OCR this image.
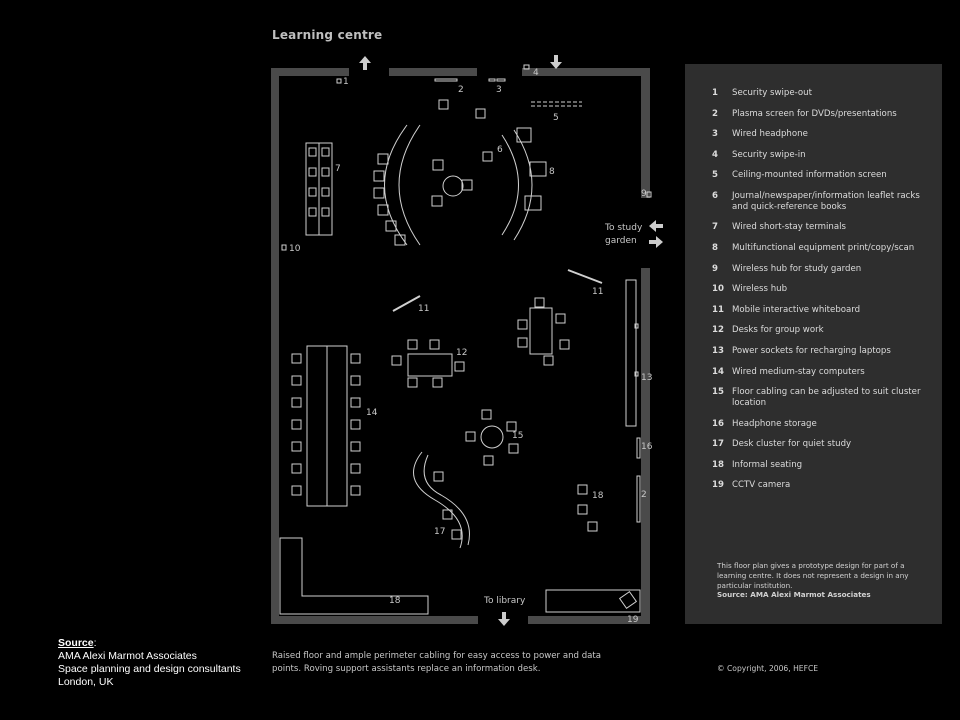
Learning centre
1
2	3
4
5
6
7	8
9
10
11
11
12
13
14
15
16
2
17
18
18
19
To study
garden
To library
1	Security swipe-out
2	Plasma screen for DVDs/presentations
3	Wired headphone
4	Security swipe-in
5	Ceiling-mounted information screen
6	Journal/newspaper/information leaflet racks and quick-reference books
7	Wired short-stay terminals
8	Multifunctional equipment print/copy/scan
9	Wireless hub for study garden
10 Wireless hub
11 Mobile interactive whiteboard
12 Desks for group work
13 Power sockets for recharging laptops
14 Wired medium-stay computers
15 Floor cabling can be adjusted to suit cluster location
16 Headphone storage
17 Desk cluster for quiet study
18 Informal seating
19 CCTV camera
This floor plan gives a prototype design for part of a learning centre. It does not represent a design in any particular institution.
Source: AMA Alexi Marmot Associates
Raised floor and ample perimeter cabling for easy access to power and data points. Roving support assistants replace an information desk.	© Copyright, 2006, HEFCE
Source:
AMA Alexi Marmot Associates
Space planning and design consultants
London, UK
